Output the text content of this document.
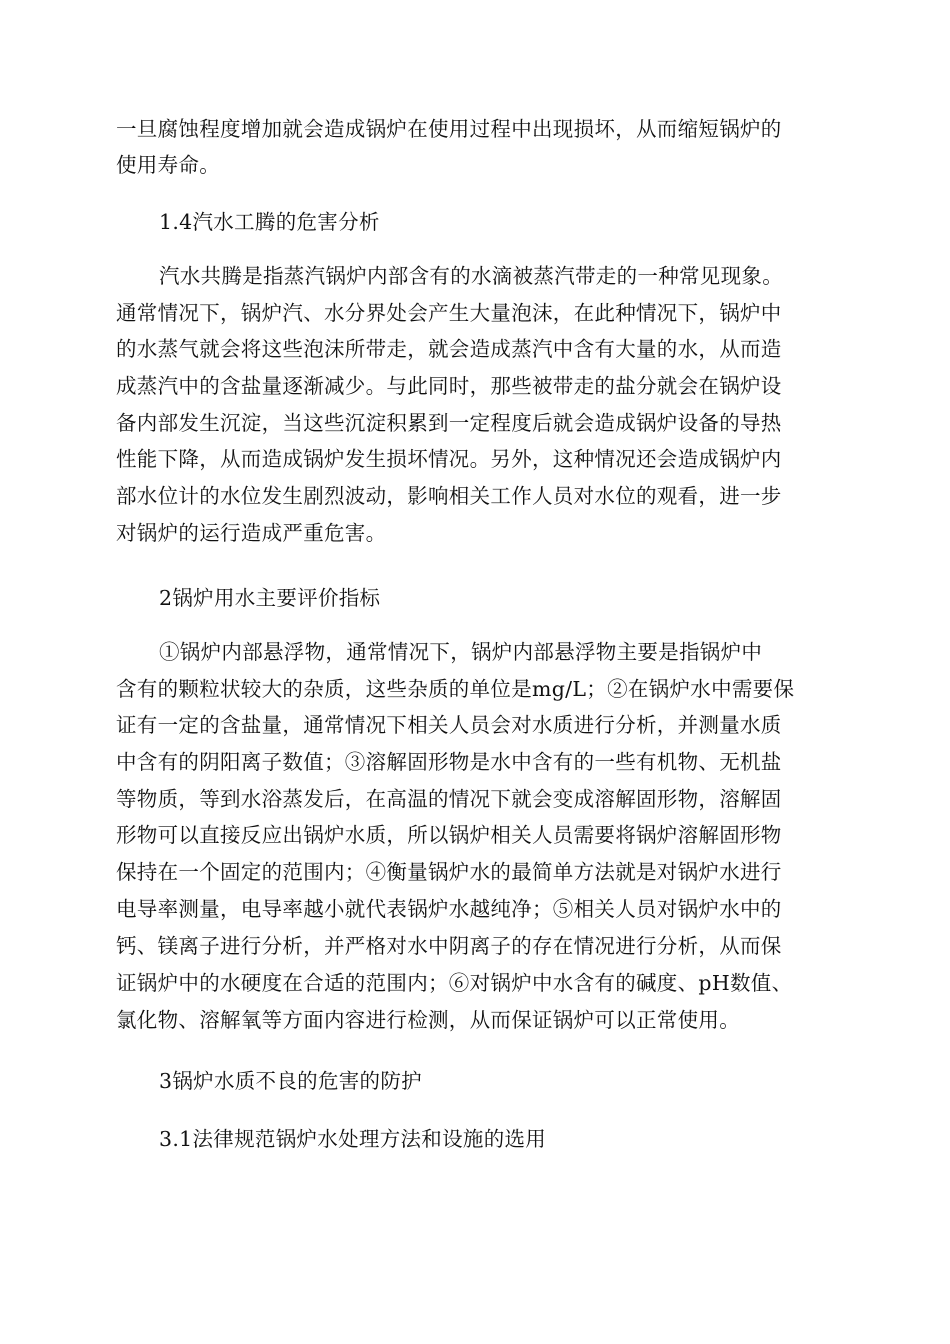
一旦腐蚀程度增加就会造成锅炉在使用过程中出现损坏，从而缩短锅炉的
使用寿命。
1.4汽水工腾的危害分析
汽水共腾是指蒸汽锅炉内部含有的水滴被蒸汽带走的一种常见现象。
通常情况下，锅炉汽、水分界处会产生大量泡沫，在此种情况下，锅炉中
的水蒸气就会将这些泡沫所带走，就会造成蒸汽中含有大量的水，从而造
成蒸汽中的含盐量逐渐减少。与此同时，那些被带走的盐分就会在锅炉设
备内部发生沉淀，当这些沉淀积累到一定程度后就会造成锅炉设备的导热
性能下降，从而造成锅炉发生损坏情况。另外，这种情况还会造成锅炉内
部水位计的水位发生剧烈波动，影响相关工作人员对水位的观看，进一步
对锅炉的运行造成严重危害。
2锅炉用水主要评价指标
①锅炉内部悬浮物，通常情况下，锅炉内部悬浮物主要是指锅炉中
含有的颗粒状较大的杂质，这些杂质的单位是mg/L；②在锅炉水中需要保
证有一定的含盐量，通常情况下相关人员会对水质进行分析，并测量水质
中含有的阴阳离子数值；③溶解固形物是水中含有的一些有机物、无机盐
等物质，等到水浴蒸发后，在高温的情况下就会变成溶解固形物，溶解固
形物可以直接反应出锅炉水质，所以锅炉相关人员需要将锅炉溶解固形物
保持在一个固定的范围内；④衡量锅炉水的最简单方法就是对锅炉水进行
电导率测量，电导率越小就代表锅炉水越纯净；⑤相关人员对锅炉水中的
钙、镁离子进行分析，并严格对水中阴离子的存在情况进行分析，从而保
证锅炉中的水硬度在合适的范围内；⑥对锅炉中水含有的碱度、pH数值、
氯化物、溶解氧等方面内容进行检测，从而保证锅炉可以正常使用。
3锅炉水质不良的危害的防护
3.1法律规范锅炉水处理方法和设施的选用
